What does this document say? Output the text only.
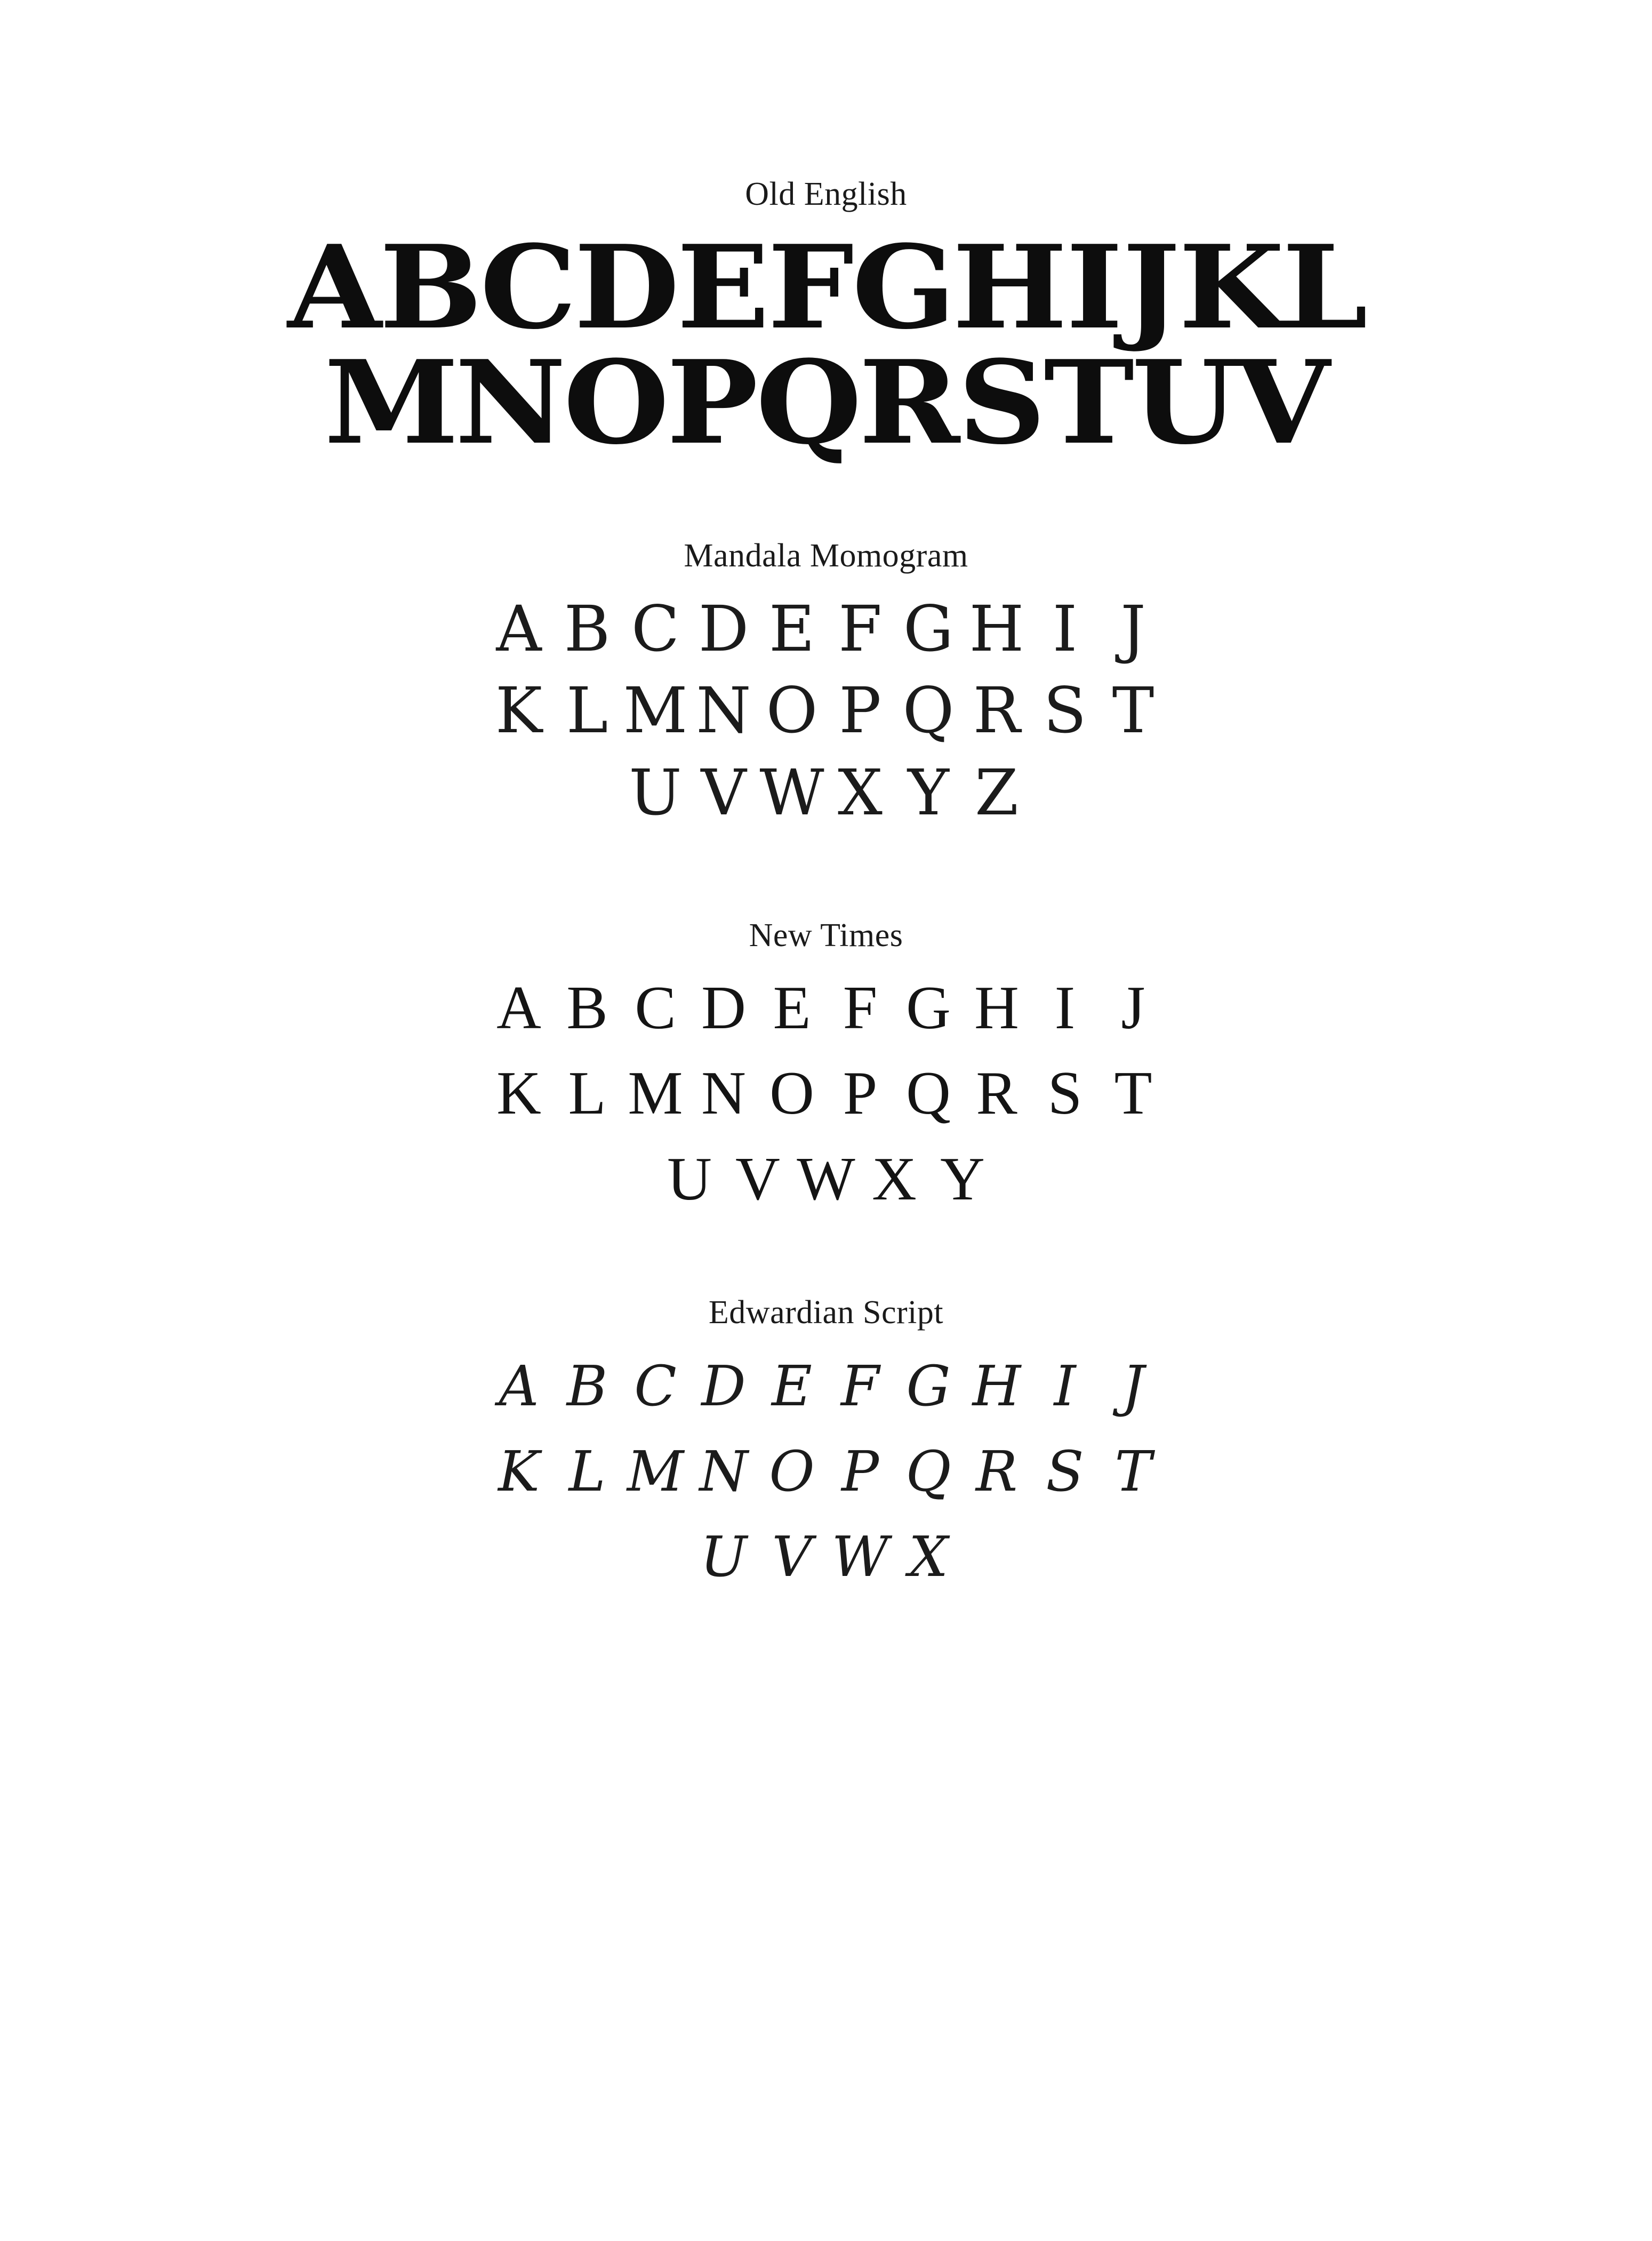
Old English
A B C D E F G H I J K L
M N O P Q R S T U V
Mandala Momogram
A B C D E F G H I J
K L M N O P Q R S T
U V W X Y Z
New Times
A B C D E F G H I J
K L M N O P Q R S T
U V W X Y
Edwardian Script
A B C D E F G H I J
K L M N O P Q R S T
U V W X
